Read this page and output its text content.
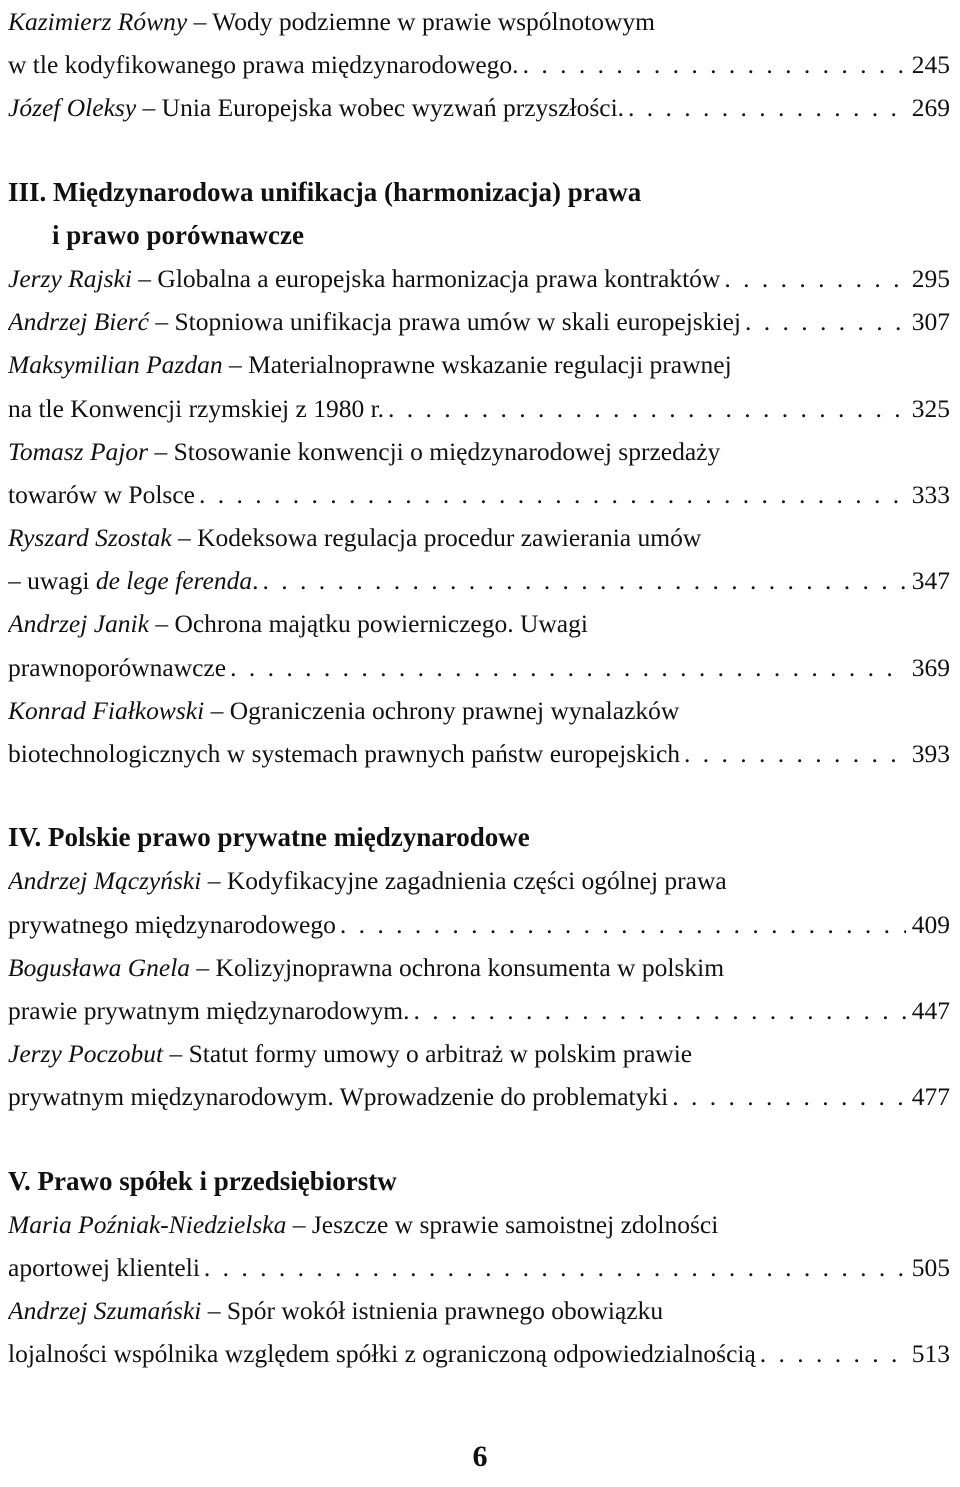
Kazimierz Równy – Wody podziemne w prawie wspólnotowym
w tle kodyfikowanego prawa międzynarodowego. . . .	245
Józef Oleksy – Unia Europejska wobec wyzwań przyszłości. . . .	269
III. Międzynarodowa unifikacja (harmonizacja) prawa
i prawo porównawcze
Jerzy Rajski – Globalna a europejska harmonizacja prawa kontraktów . . .	295
Andrzej Bierć – Stopniowa unifikacja prawa umów w skali europejskiej . . .	307
Maksymilian Pazdan – Materialnoprawne wskazanie regulacji prawnej
na tle Konwencji rzymskiej z 1980 r. . . .	325
Tomasz Pajor – Stosowanie konwencji o międzynarodowej sprzedaży
towarów w Polsce . . .	333
Ryszard Szostak – Kodeksowa regulacja procedur zawierania umów
– uwagi de lege ferenda. . . .	347
Andrzej Janik – Ochrona majątku powierniczego. Uwagi
prawnoporównawcze . . .	369
Konrad Fiałkowski – Ograniczenia ochrony prawnej wynalazków
biotechnologicznych w systemach prawnych państw europejskich . . .	393
IV. Polskie prawo prywatne międzynarodowe
Andrzej Mączyński – Kodyfikacyjne zagadnienia części ogólnej prawa
prywatnego międzynarodowego . . .	409
Bogusława Gnela – Kolizyjnoprawna ochrona konsumenta w polskim
prawie prywatnym międzynarodowym. . . .	447
Jerzy Poczobut – Statut formy umowy o arbitraż w polskim prawie
prywatnym międzynarodowym. Wprowadzenie do problematyki . . .	477
V. Prawo spółek i przedsiębiorstw
Maria Poźniak-Niedzielska – Jeszcze w sprawie samoistnej zdolności
aportowej klienteli . . .	505
Andrzej Szumański – Spór wokół istnienia prawnego obowiązku
lojalności wspólnika względem spółki z ograniczoną odpowiedzialnością . . .	513
6
